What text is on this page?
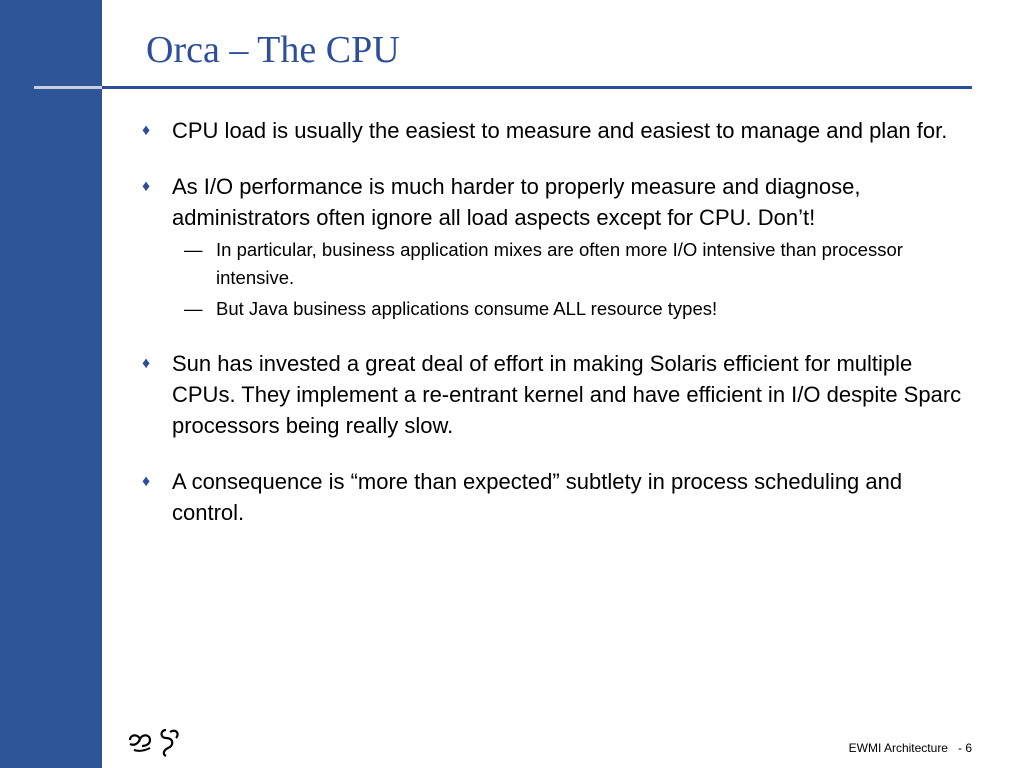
Orca – The CPU
♦ CPU load is usually the easiest to measure and easiest to manage and plan for.
♦ As I/O performance is much harder to properly measure and diagnose, administrators often ignore all load aspects except for CPU. Don’t!
— In particular, business application mixes are often more I/O intensive than processor intensive.
— But Java business applications consume ALL resource types!
♦ Sun has invested a great deal of effort in making Solaris efficient for multiple CPUs. They implement a re-entrant kernel and have efficient in I/O despite Sparc processors being really slow.
♦ A consequence is “more than expected” subtlety in process scheduling and control.
EWMI Architecture - 6
